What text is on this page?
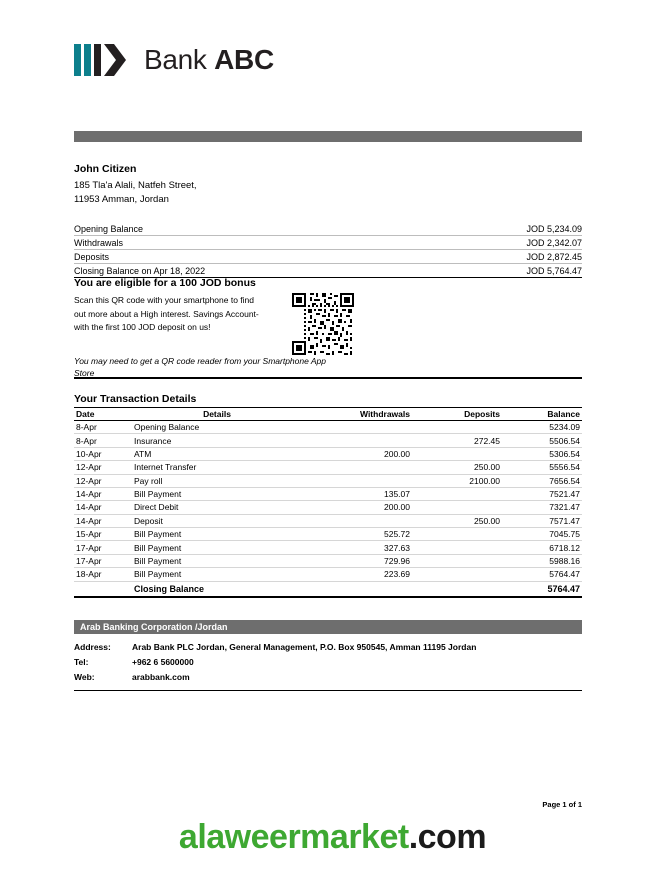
Bank ABC
John Citizen
185 Tla'a Alali, Natfeh Street,
11953 Amman, Jordan
Opening Balance	JOD 5,234.09
Withdrawals	JOD 2,342.07
Deposits	JOD 2,872.45
Closing Balance on Apr 18, 2022	JOD 5,764.47
You are eligible for a 100 JOD bonus
Scan this QR code with your smartphone to find out more about a High interest. Savings Account- with the first 100 JOD deposit on us!
You may need to get a QR code reader from your Smartphone App Store
Your Transaction Details
Date	Details	Withdrawals	Deposits	Balance
8-Apr	Opening Balance			5234.09
8-Apr	Insurance		272.45	5506.54
10-Apr	ATM	200.00		5306.54
12-Apr	Internet Transfer		250.00	5556.54
12-Apr	Pay roll		2100.00	7656.54
14-Apr	Bill Payment	135.07		7521.47
14-Apr	Direct Debit	200.00		7321.47
14-Apr	Deposit		250.00	7571.47
15-Apr	Bill Payment	525.72		7045.75
17-Apr	Bill Payment	327.63		6718.12
17-Apr	Bill Payment	729.96		5988.16
18-Apr	Bill Payment	223.69		5764.47
	Closing Balance			5764.47
Arab Banking Corporation /Jordan
Address:	Arab Bank PLC Jordan, General Management, P.O. Box 950545, Amman 11195 Jordan
Tel:	+962 6 5600000
Web:	arabbank.com
Page 1 of 1
alaweermarket.com
